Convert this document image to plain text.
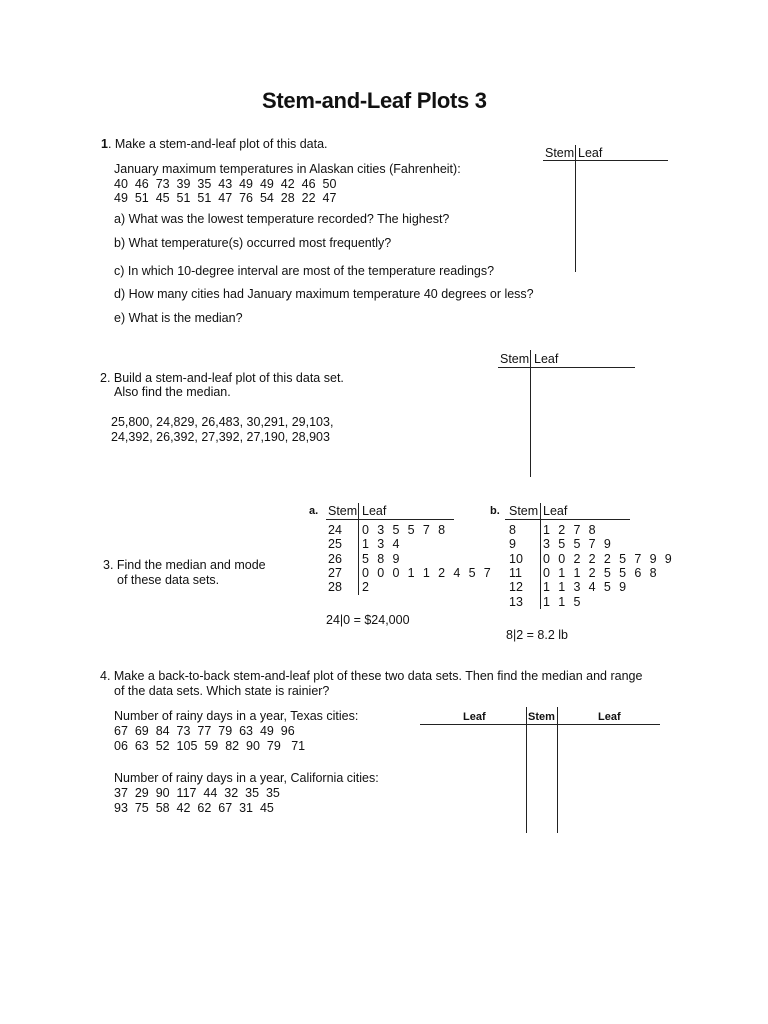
Stem-and-Leaf Plots 3
1. Make a stem-and-leaf plot of this data.
January maximum temperatures in Alaskan cities (Fahrenheit):
40  46  73  39  35  43  49  49  42  46  50
49  51  45  51  51  47  76  54  28  22  47
a) What was the lowest temperature recorded? The highest?
b) What temperature(s) occurred most frequently?
c) In which 10-degree interval are most of the temperature readings?
d) How many cities had January maximum temperature 40 degrees or less?
e) What is the median?
Stem Leaf
2. Build a stem-and-leaf plot of this data set.
Also find the median.
25,800, 24,829, 26,483, 30,291, 29,103,
24,392, 26,392, 27,392, 27,190, 28,903
Stem Leaf
3. Find the median and mode
of these data sets.
a. Stem Leaf
24 0 3 5 5 7 8
25 1 3 4
26 5 8 9
27 0 0 0 1 1 2 4 5 7
28 2
24|0 = $24,000
b. Stem Leaf
8 1 2 7 8
9 3 5 5 7 9
10 0 0 2 2 2 5 7 9 9
11 0 1 1 2 5 5 6 8
12 1 1 3 4 5 9
13 1 1 5
8|2 = 8.2 lb
4. Make a back-to-back stem-and-leaf plot of these two data sets. Then find the median and range
of the data sets. Which state is rainier?
Number of rainy days in a year, Texas cities:
67  69  84  73  77  79  63  49  96
06  63  52  105  59  82  90  79   71
Number of rainy days in a year, California cities:
37  29  90  117  44  32  35  35
93  75  58  42  62  67  31  45
Leaf	Stem	Leaf
